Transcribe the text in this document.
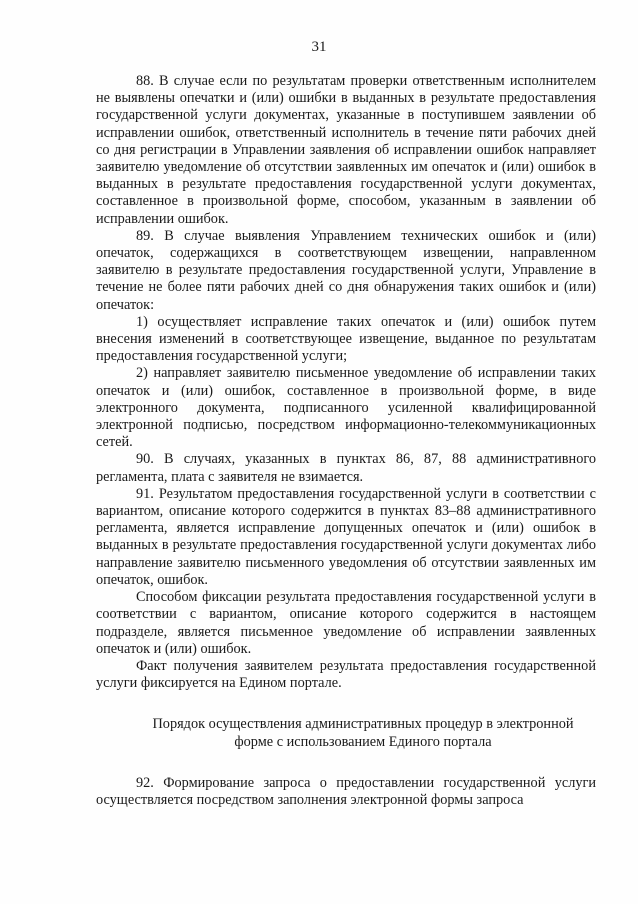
31

88. В случае если по результатам проверки ответственным исполнителем не выявлены опечатки и (или) ошибки в выданных в результате предоставления государственной услуги документах, указанные в поступившем заявлении об исправлении ошибок, ответственный исполнитель в течение пяти рабочих дней со дня регистрации в Управлении заявления об исправлении ошибок направляет заявителю уведомление об отсутствии заявленных им опечаток и (или) ошибок в выданных в результате предоставления государственной услуги документах, составленное в произвольной форме, способом, указанным в заявлении об исправлении ошибок.

89. В случае выявления Управлением технических ошибок и (или) опечаток, содержащихся в соответствующем извещении, направленном заявителю в результате предоставления государственной услуги, Управление в течение не более пяти рабочих дней со дня обнаружения таких ошибок и (или) опечаток:

1) осуществляет исправление таких опечаток и (или) ошибок путем внесения изменений в соответствующее извещение, выданное по результатам предоставления государственной услуги;

2) направляет заявителю письменное уведомление об исправлении таких опечаток и (или) ошибок, составленное в произвольной форме, в виде электронного документа, подписанного усиленной квалифицированной электронной подписью, посредством информационно-телекоммуникационных сетей.

90. В случаях, указанных в пунктах 86, 87, 88 административного регламента, плата с заявителя не взимается.

91. Результатом предоставления государственной услуги в соответствии с вариантом, описание которого содержится в пунктах 83–88 административного регламента, является исправление допущенных опечаток и (или) ошибок в выданных в результате предоставления государственной услуги документах либо направление заявителю письменного уведомления об отсутствии заявленных им опечаток, ошибок.

Способом фиксации результата предоставления государственной услуги в соответствии с вариантом, описание которого содержится в настоящем подразделе, является письменное уведомление об исправлении заявленных опечаток и (или) ошибок.

Факт получения заявителем результата предоставления государственной услуги фиксируется на Едином портале.

Порядок осуществления административных процедур в электронной
форме с использованием Единого портала

92. Формирование запроса о предоставлении государственной услуги осуществляется посредством заполнения электронной формы запроса
